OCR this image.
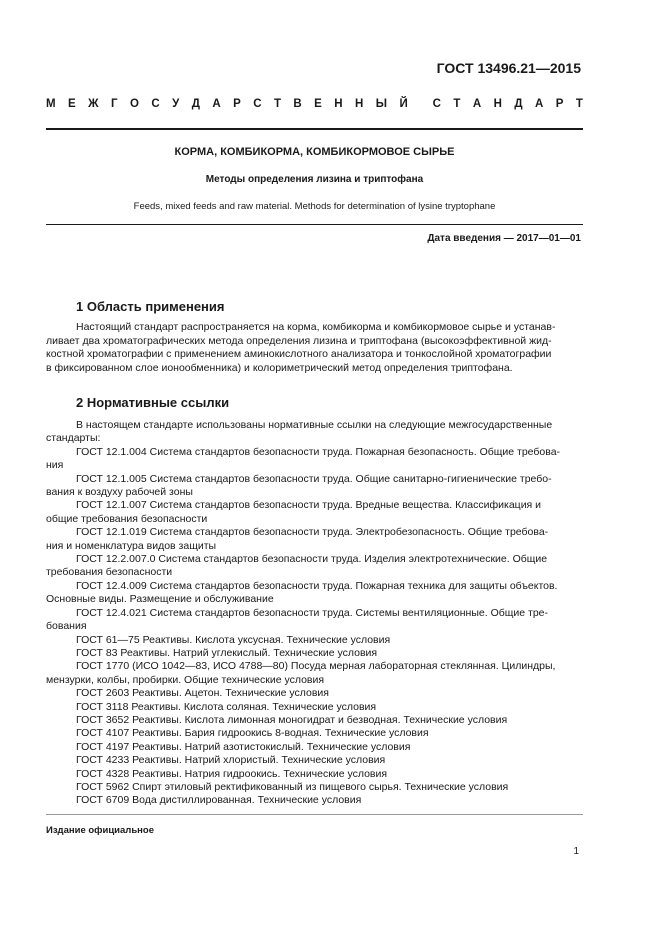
ГОСТ 13496.21—2015
М Е Ж Г О С У Д А Р С Т В Е Н Н Ы Й С Т А Н Д А Р Т
КОРМА, КОМБИКОРМА, КОМБИКОРМОВОЕ СЫРЬЕ
Методы определения лизина и триптофана
Feeds, mixed feeds and raw material. Methods for determination of lysine tryptophane
Дата введения — 2017—01—01
1 Область применения
Настоящий стандарт распространяется на корма, комбикорма и комбикормовое сырье и устанав-
ливает два хроматографических метода определения лизина и триптофана (высокоэффективной жид-
костной хроматографии с применением аминокислотного анализатора и тонкослойной хроматографии
в фиксированном слое ионообменника) и колориметрический метод определения триптофана.
2 Нормативные ссылки
В настоящем стандарте использованы нормативные ссылки на следующие межгосударственные
стандарты:
ГОСТ 12.1.004 Система стандартов безопасности труда. Пожарная безопасность. Общие требова-
ния
ГОСТ 12.1.005 Система стандартов безопасности труда. Общие санитарно-гигиенические требо-
вания к воздуху рабочей зоны
ГОСТ 12.1.007 Система стандартов безопасности труда. Вредные вещества. Классификация и
общие требования безопасности
ГОСТ 12.1.019 Система стандартов безопасности труда. Электробезопасность. Общие требова-
ния и номенклатура видов защиты
ГОСТ 12.2.007.0 Система стандартов безопасности труда. Изделия электротехнические. Общие
требования безопасности
ГОСТ 12.4.009 Система стандартов безопасности труда. Пожарная техника для защиты объектов.
Основные виды. Размещение и обслуживание
ГОСТ 12.4.021 Система стандартов безопасности труда. Системы вентиляционные. Общие тре-
бования
ГОСТ 61—75 Реактивы. Кислота уксусная. Технические условия
ГОСТ 83 Реактивы. Натрий углекислый. Технические условия
ГОСТ 1770 (ИСО 1042—83, ИСО 4788—80) Посуда мерная лабораторная стеклянная. Цилиндры,
мензурки, колбы, пробирки. Общие технические условия
ГОСТ 2603 Реактивы. Ацетон. Технические условия
ГОСТ 3118 Реактивы. Кислота соляная. Технические условия
ГОСТ 3652 Реактивы. Кислота лимонная моногидрат и безводная. Технические условия
ГОСТ 4107 Реактивы. Бария гидроокись 8-водная. Технические условия
ГОСТ 4197 Реактивы. Натрий азотистокислый. Технические условия
ГОСТ 4233 Реактивы. Натрий хлористый. Технические условия
ГОСТ 4328 Реактивы. Натрия гидроокись. Технические условия
ГОСТ 5962 Спирт этиловый ректификованный из пищевого сырья. Технические условия
ГОСТ 6709 Вода дистиллированная. Технические условия
Издание официальное
1
